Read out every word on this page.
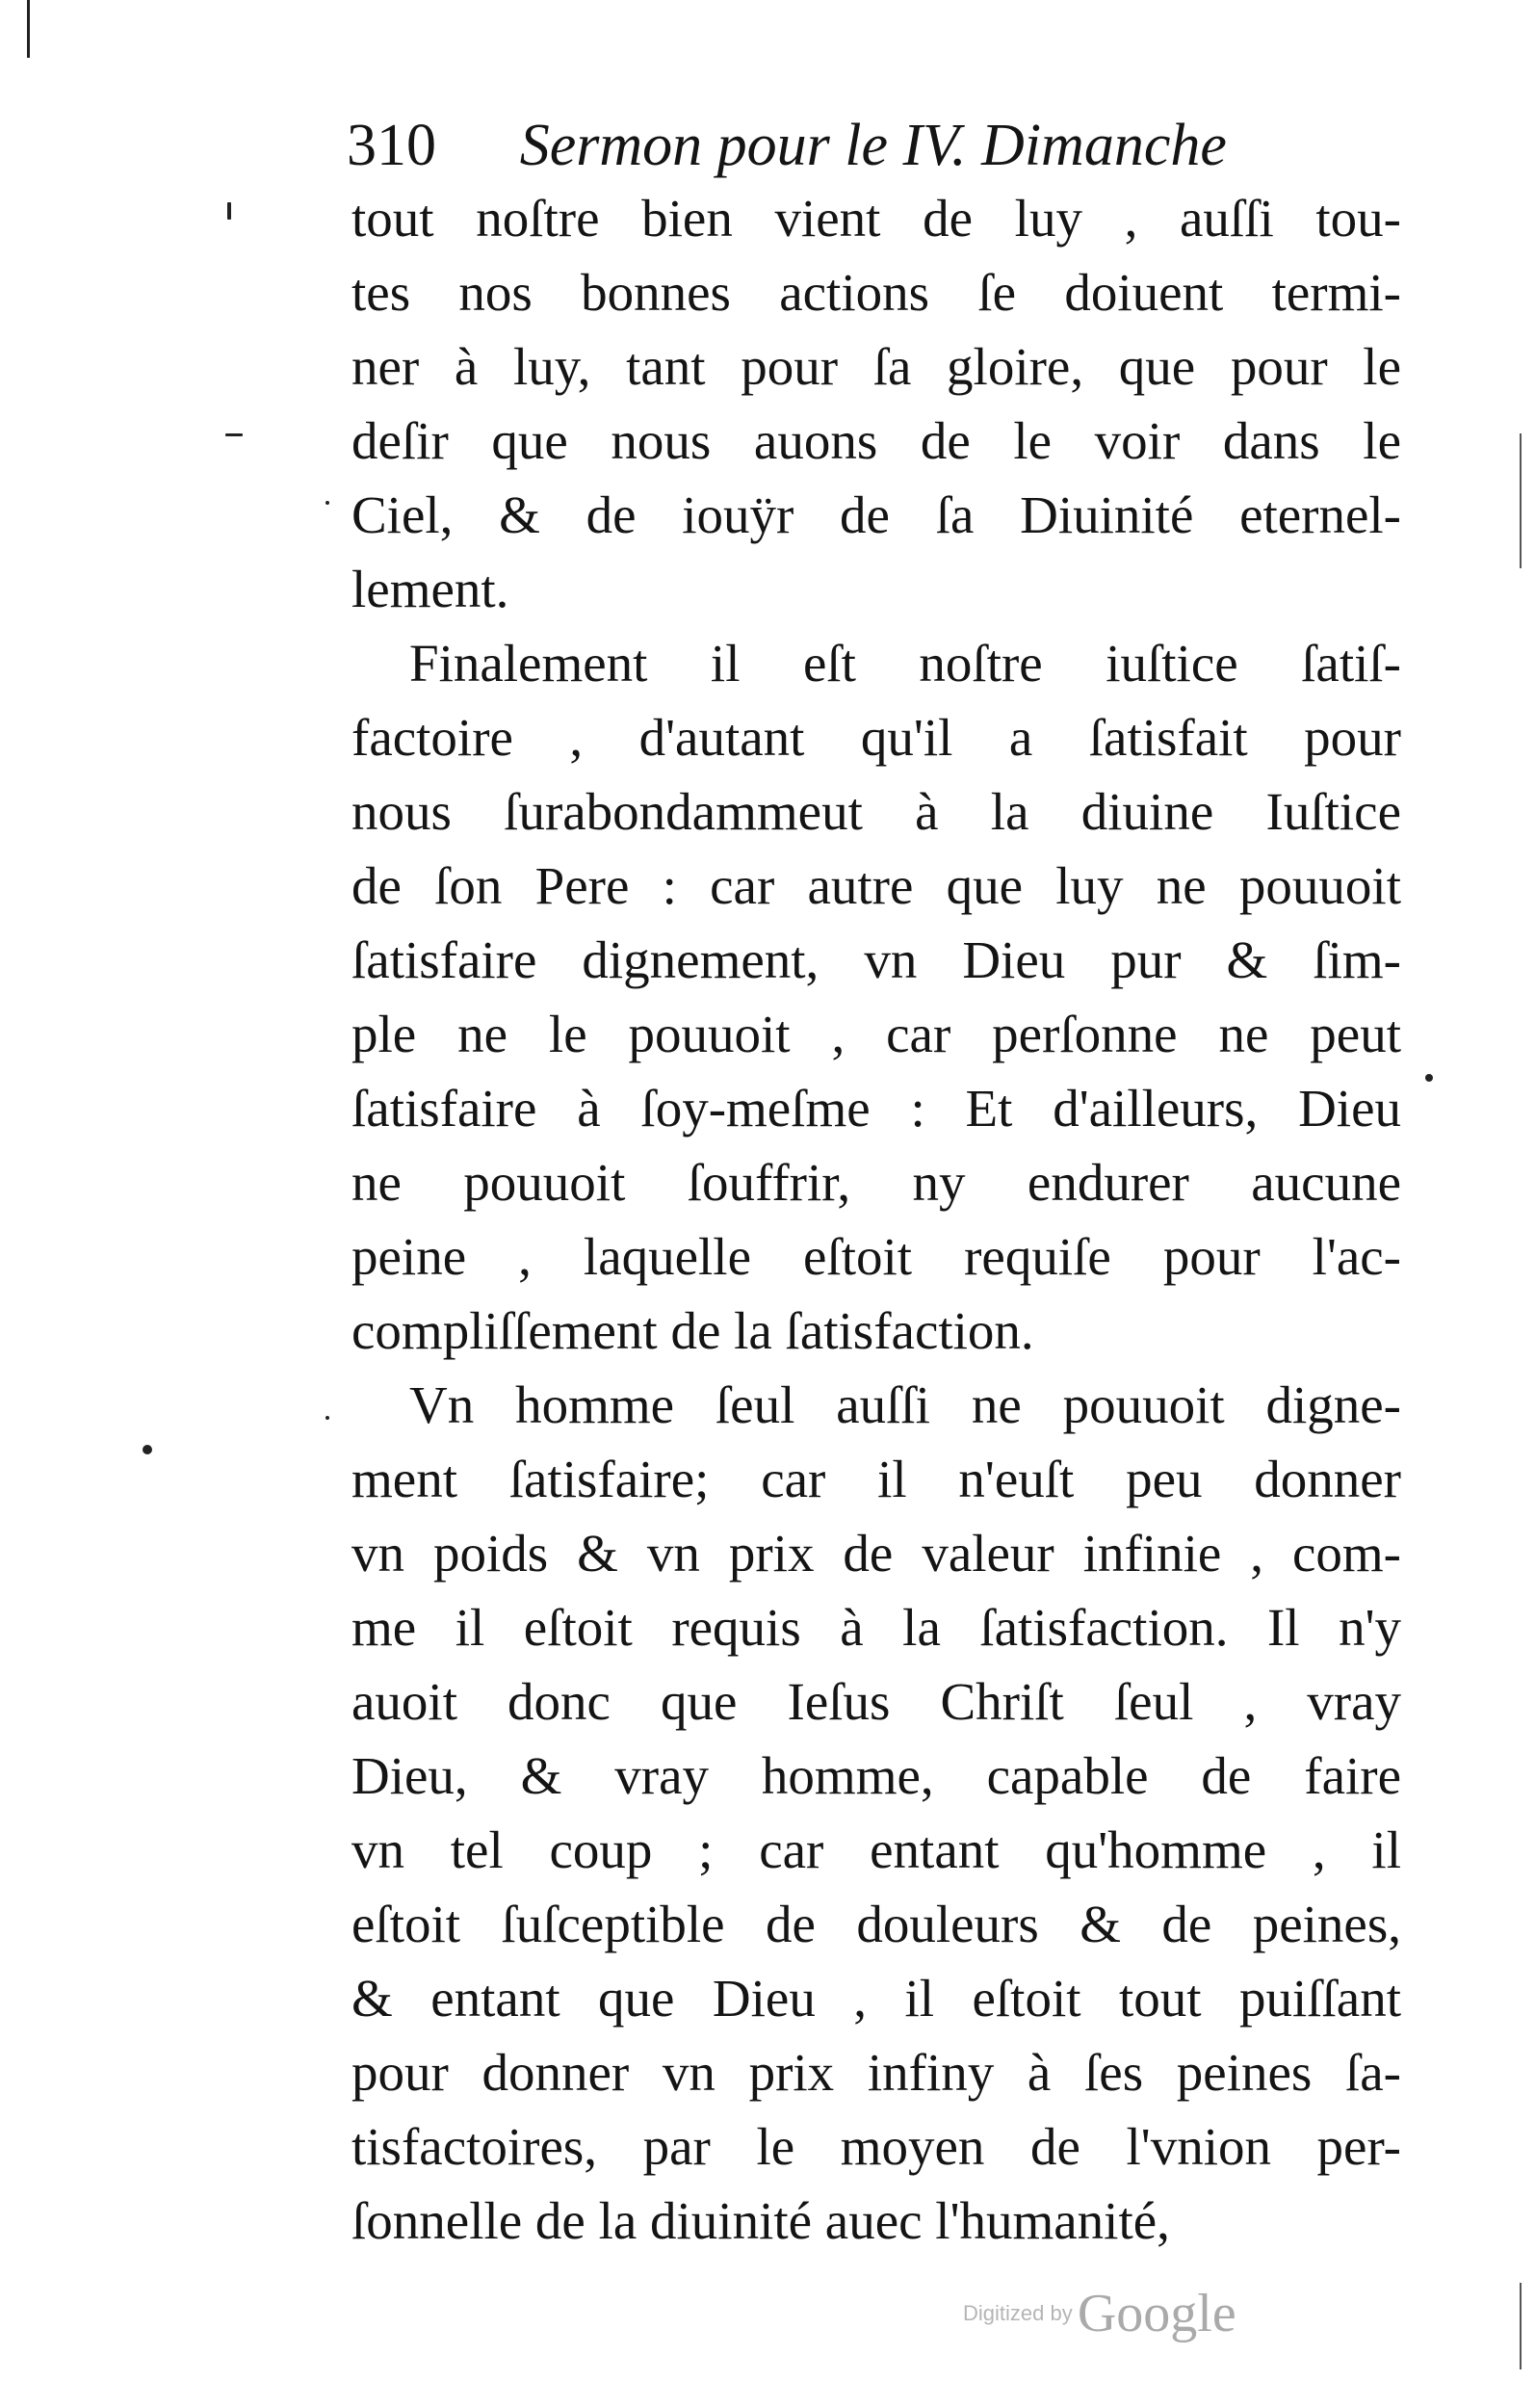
310 Sermon pour le IV. Dimanche
tout noſtre bien vient de luy , auſſi tou-
tes nos bonnes actions ſe doiuent termi-
ner à luy, tant pour ſa gloire, que pour le
deſir que nous auons de le voir dans le
Ciel, & de iouÿr de ſa Diuinité eternel-
lement.
Finalement il eſt noſtre iuſtice ſatiſ-
factoire , d'autant qu'il a ſatisfait pour
nous ſurabondammeut à la diuine Iuſtice
de ſon Pere : car autre que luy ne pouuoit
ſatisfaire dignement, vn Dieu pur & ſim-
ple ne le pouuoit , car perſonne ne peut
ſatisfaire à ſoy-meſme : Et d'ailleurs, Dieu
ne pouuoit ſouffrir, ny endurer aucune
peine , laquelle eſtoit requiſe pour l'ac-
compliſſement de la ſatisfaction.
Vn homme ſeul auſſi ne pouuoit digne-
ment ſatisfaire; car il n'euſt peu donner
vn poids & vn prix de valeur infinie , com-
me il eſtoit requis à la ſatisfaction. Il n'y
auoit donc que Ieſus Chriſt ſeul , vray
Dieu, & vray homme, capable de faire
vn tel coup ; car entant qu'homme , il
eſtoit ſuſceptible de douleurs & de peines,
& entant que Dieu , il eſtoit tout puiſſant
pour donner vn prix infiny à ſes peines ſa-
tisfactoires, par le moyen de l'vnion per-
ſonnelle de la diuinité auec l'humanité,
Digitized by Google
